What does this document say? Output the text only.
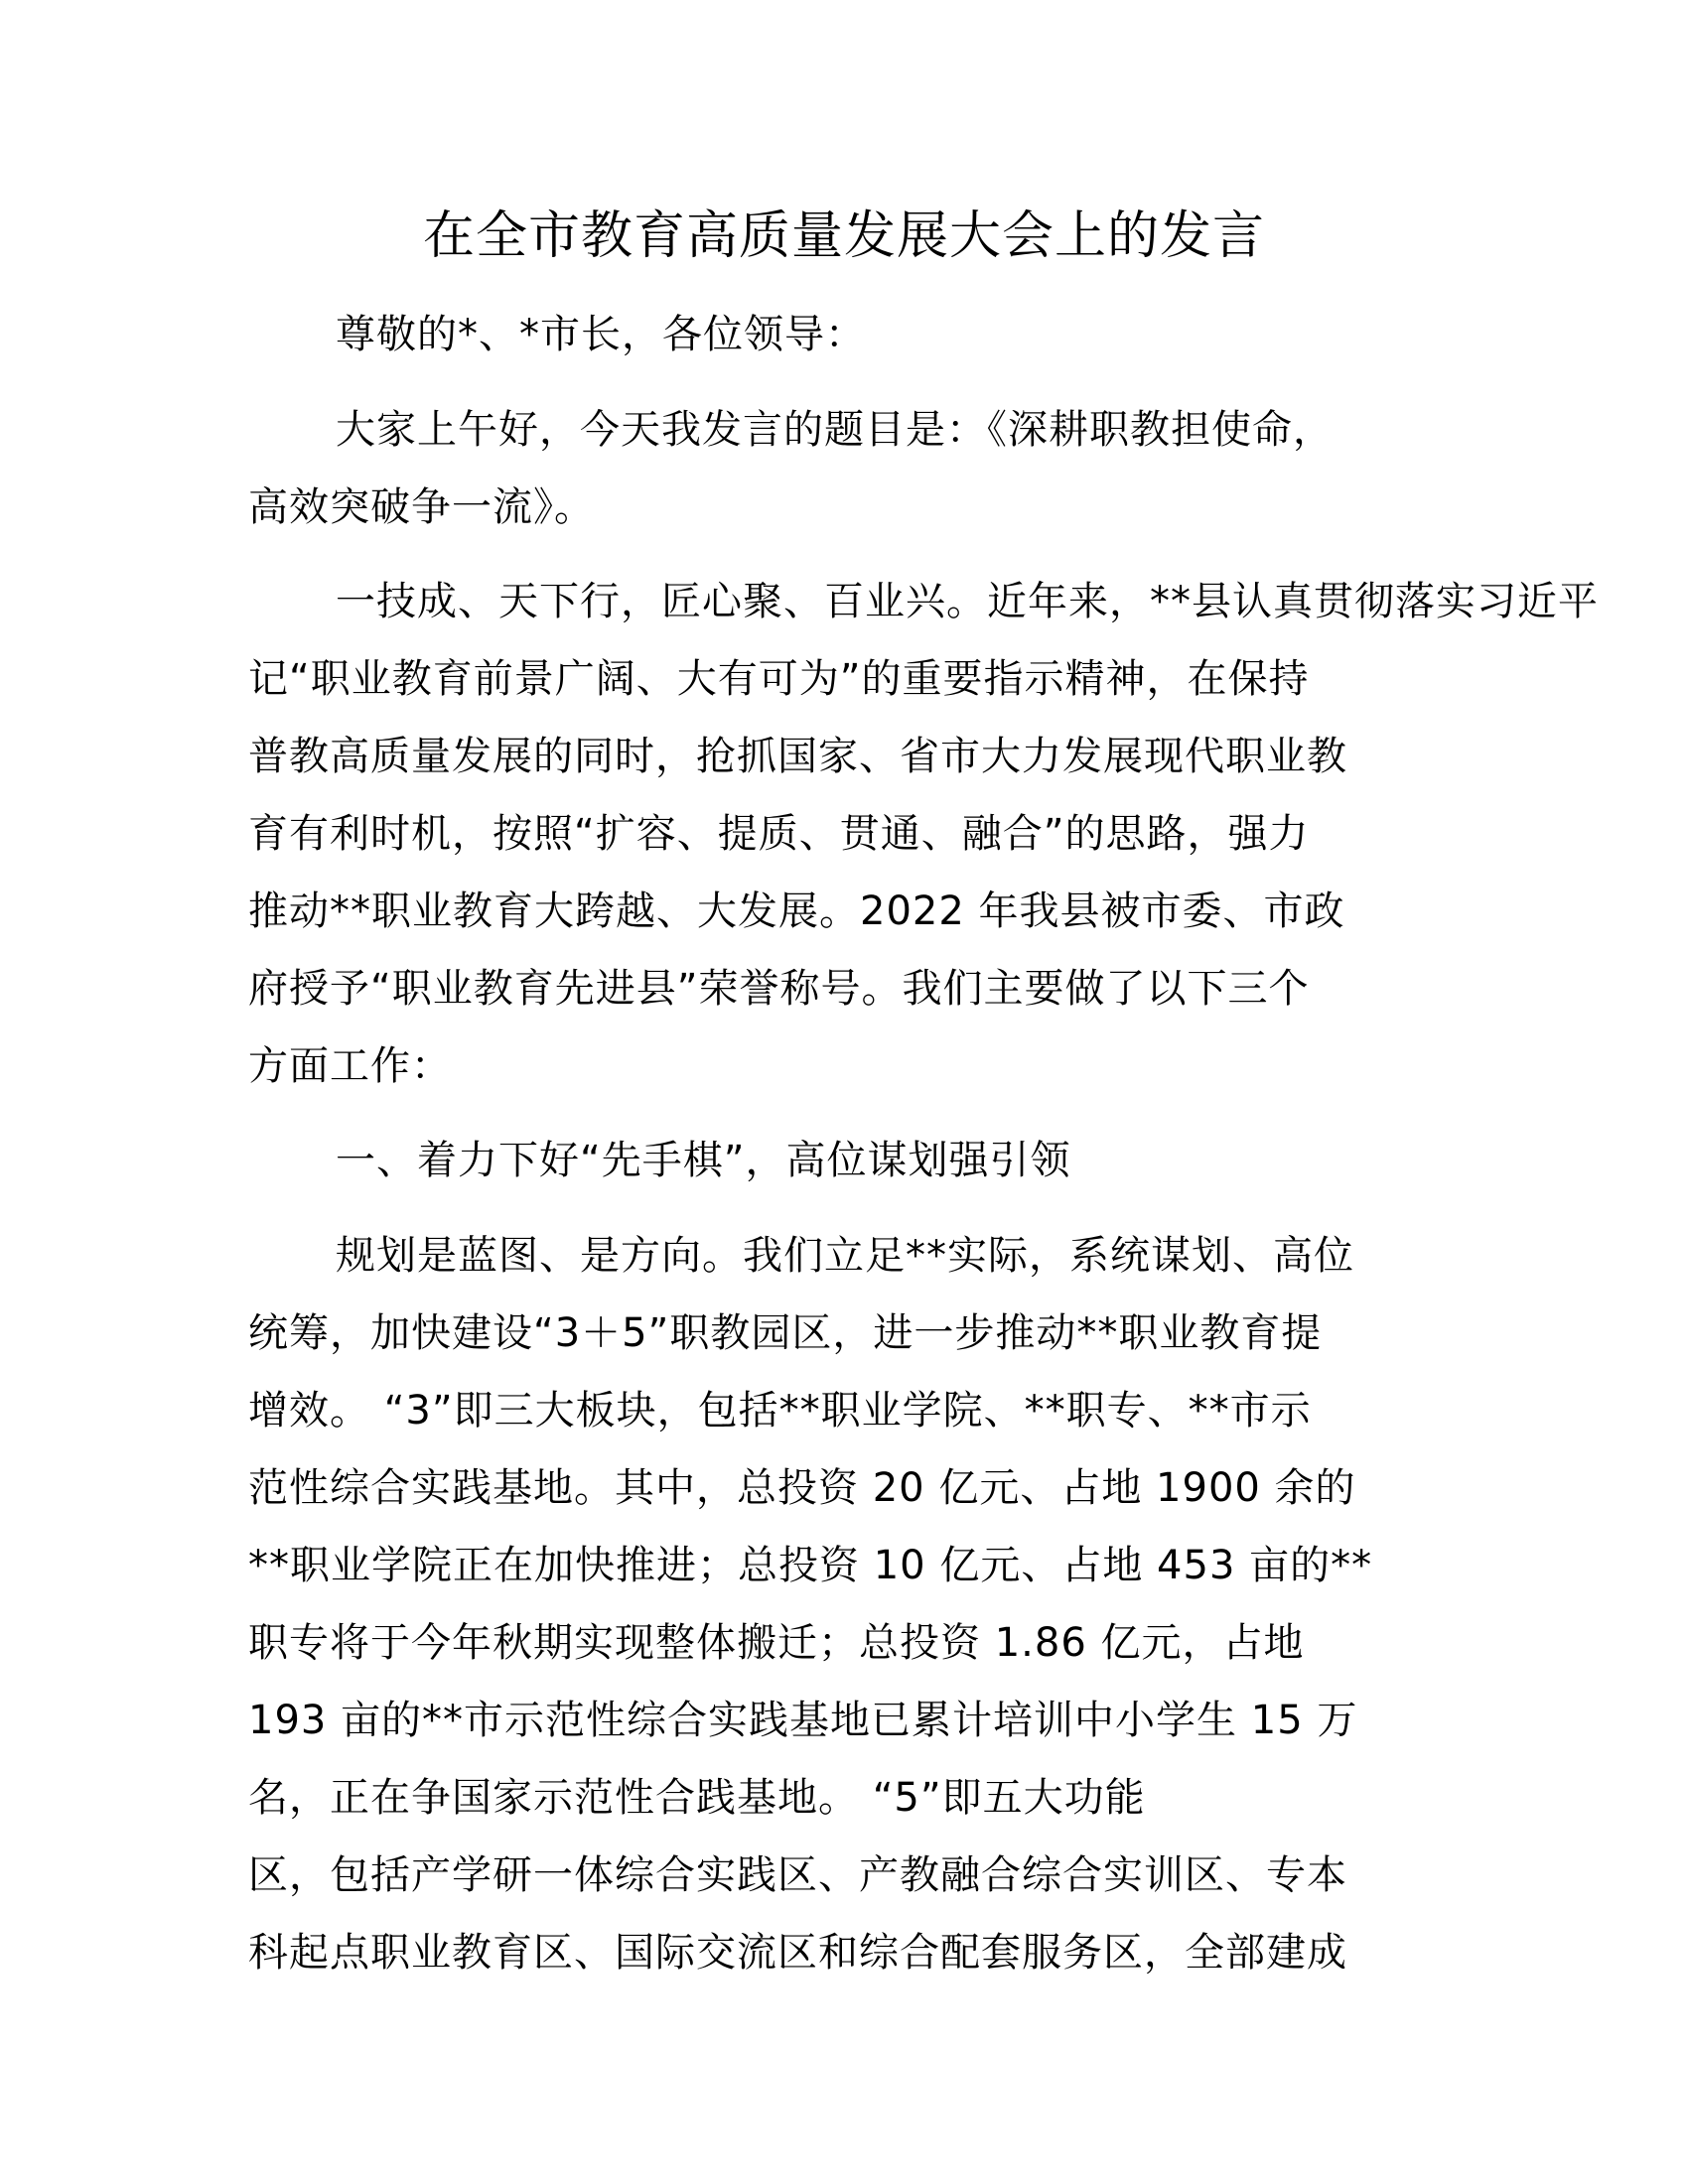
在全市教育高质量发展大会上的发言
尊敬的*、*市长，各位领导：
大家上午好，今天我发言的题目是：《深耕职教担使命，
高效突破争一流》。
一技成、天下行，匠心聚、百业兴。近年来，**县认真贯彻落实习近平
记“职业教育前景广阔、大有可为”的重要指示精神，在保持
普教高质量发展的同时，抢抓国家、省市大力发展现代职业教
育有利时机，按照“扩容、提质、贯通、融合”的思路，强力
推动**职业教育大跨越、大发展。2022 年我县被市委、市政
府授予“职业教育先进县”荣誉称号。我们主要做了以下三个
方面工作：
一、着力下好“先手棋”，高位谋划强引领
规划是蓝图、是方向。我们立足**实际，系统谋划、高位
统筹，加快建设“3＋5”职教园区，进一步推动**职业教育提
增效。 “3”即三大板块，包括**职业学院、**职专、**市示
范性综合实践基地。其中，总投资 20 亿元、占地 1900 余的
**职业学院正在加快推进；总投资 10 亿元、占地 453 亩的**
职专将于今年秋期实现整体搬迁；总投资 1.86 亿元，占地
193 亩的**市示范性综合实践基地已累计培训中小学生 15 万
名，正在争国家示范性合践基地。 “5”即五大功能
区，包括产学研一体综合实践区、产教融合综合实训区、专本
科起点职业教育区、国际交流区和综合配套服务区，全部建成
